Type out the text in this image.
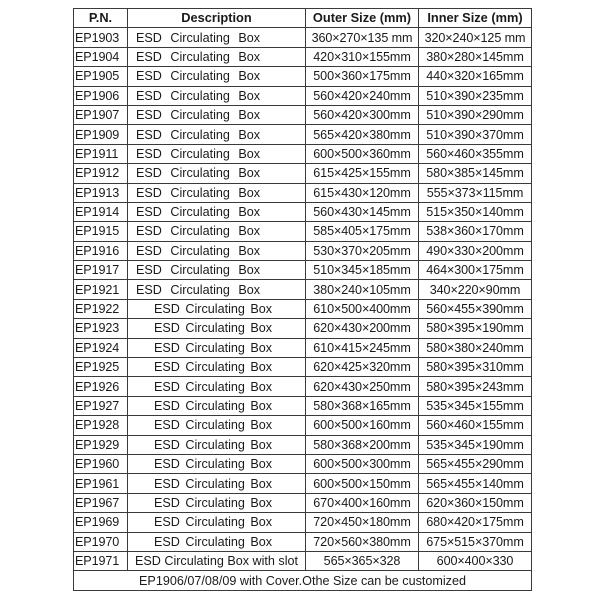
P.N.	Description	Outer Size (mm)	Inner Size (mm)
EP1903	ESD Circulating Box	360×270×135 mm	320×240×125 mm
EP1904	ESD Circulating Box	420×310×155mm	380×280×145mm
EP1905	ESD Circulating Box	500×360×175mm	440×320×165mm
EP1906	ESD Circulating Box	560×420×240mm	510×390×235mm
EP1907	ESD Circulating Box	560×420×300mm	510×390×290mm
EP1909	ESD Circulating Box	565×420×380mm	510×390×370mm
EP1911	ESD Circulating Box	600×500×360mm	560×460×355mm
EP1912	ESD Circulating Box	615×425×155mm	580×385×145mm
EP1913	ESD Circulating Box	615×430×120mm	555×373×115mm
EP1914	ESD Circulating Box	560×430×145mm	515×350×140mm
EP1915	ESD Circulating Box	585×405×175mm	538×360×170mm
EP1916	ESD Circulating Box	530×370×205mm	490×330×200mm
EP1917	ESD Circulating Box	510×345×185mm	464×300×175mm
EP1921	ESD Circulating Box	380×240×105mm	340×220×90mm
EP1922	ESD Circulating Box	610×500×400mm	560×455×390mm
EP1923	ESD Circulating Box	620×430×200mm	580×395×190mm
EP1924	ESD Circulating Box	610×415×245mm	580×380×240mm
EP1925	ESD Circulating Box	620×425×320mm	580×395×310mm
EP1926	ESD Circulating Box	620×430×250mm	580×395×243mm
EP1927	ESD Circulating Box	580×368×165mm	535×345×155mm
EP1928	ESD Circulating Box	600×500×160mm	560×460×155mm
EP1929	ESD Circulating Box	580×368×200mm	535×345×190mm
EP1960	ESD Circulating Box	600×500×300mm	565×455×290mm
EP1961	ESD Circulating Box	600×500×150mm	565×455×140mm
EP1967	ESD Circulating Box	670×400×160mm	620×360×150mm
EP1969	ESD Circulating Box	720×450×180mm	680×420×175mm
EP1970	ESD Circulating Box	720×560×380mm	675×515×370mm
EP1971	ESD Circulating Box with slot	565×365×328	600×400×330
EP1906/07/08/09 with Cover.Othe Size can be customized			
